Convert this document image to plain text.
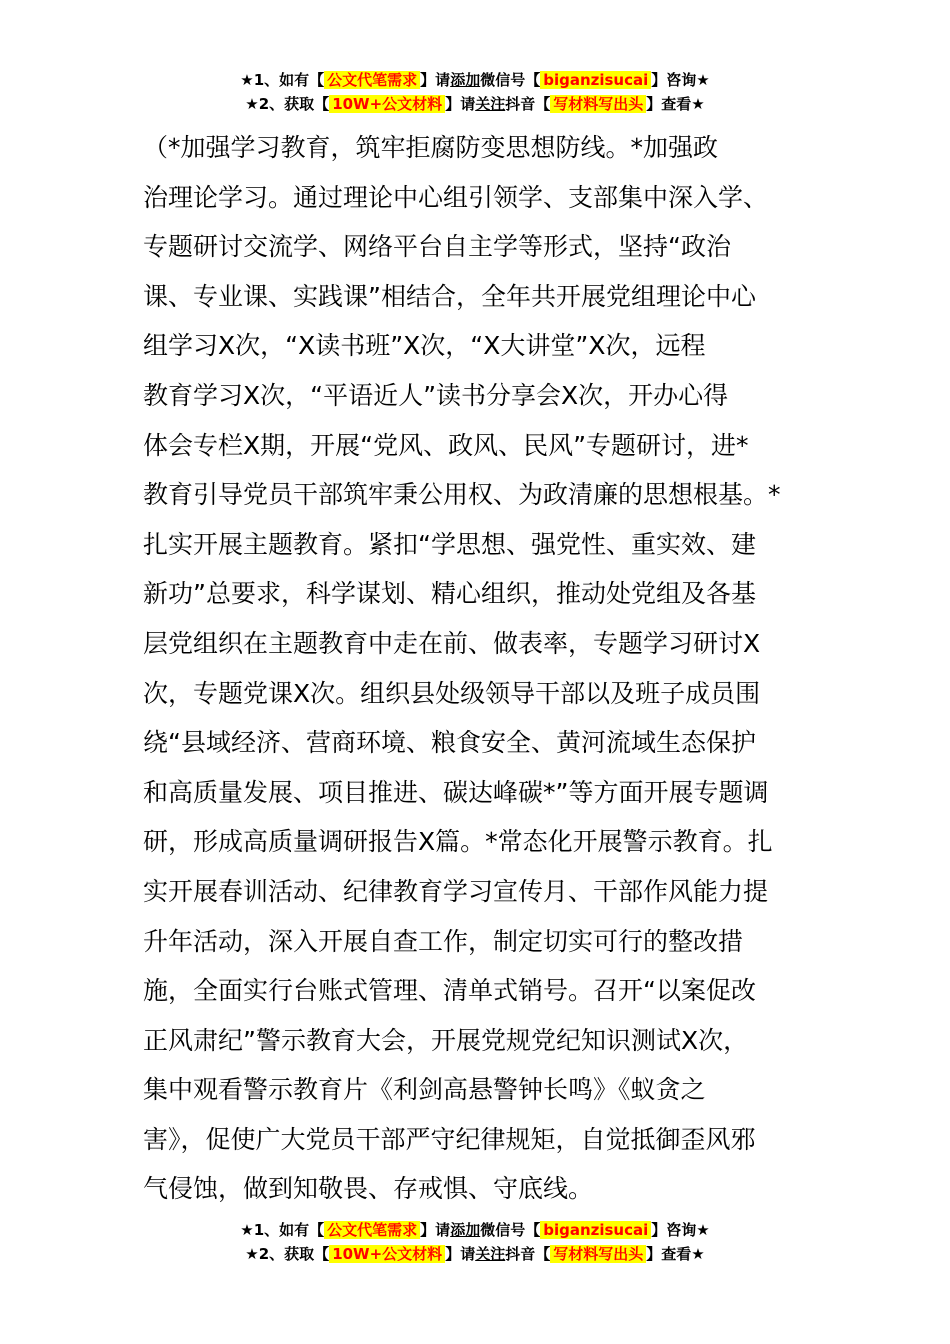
★1、如有【 公文代笔需求 】请添加微信号【 biganzisucai 】咨询★
★2、获取【 10W+公文材料 】请关注抖音【 写材料写出头 】查看★
（*加强学习教育，筑牢拒腐防变思想防线。*加强政
治理论学习。通过理论中心组引领学、支部集中深入学、
专题研讨交流学、网络平台自主学等形式，坚持“政治
课、专业课、实践课”相结合，全年共开展党组理论中心
组学习X次，“X读书班”X次，“X大讲堂”X次，远程
教育学习X次，“平语近人”读书分享会X次，开办心得
体会专栏X期，开展“党风、政风、民风”专题研讨，进*
教育引导党员干部筑牢秉公用权、为政清廉的思想根基。*
扎实开展主题教育。紧扣“学思想、强党性、重实效、建
新功”总要求，科学谋划、精心组织，推动处党组及各基
层党组织在主题教育中走在前、做表率，专题学习研讨X
次，专题党课X次。组织县处级领导干部以及班子成员围
绕“县域经济、营商环境、粮食安全、黄河流域生态保护
和高质量发展、项目推进、碳达峰碳*”等方面开展专题调
研，形成高质量调研报告X篇。*常态化开展警示教育。扎
实开展春训活动、纪律教育学习宣传月、干部作风能力提
升年活动，深入开展自查工作，制定切实可行的整改措
施，全面实行台账式管理、清单式销号。召开“以案促改
正风肃纪”警示教育大会，开展党规党纪知识测试X次，
集中观看警示教育片《利剑高悬警钟长鸣》《蚁贪之
害》，促使广大党员干部严守纪律规矩，自觉抵御歪风邪
气侵蚀，做到知敬畏、存戒惧、守底线。
★1、如有【 公文代笔需求 】请添加微信号【 biganzisucai 】咨询★
★2、获取【 10W+公文材料 】请关注抖音【 写材料写出头 】查看★
